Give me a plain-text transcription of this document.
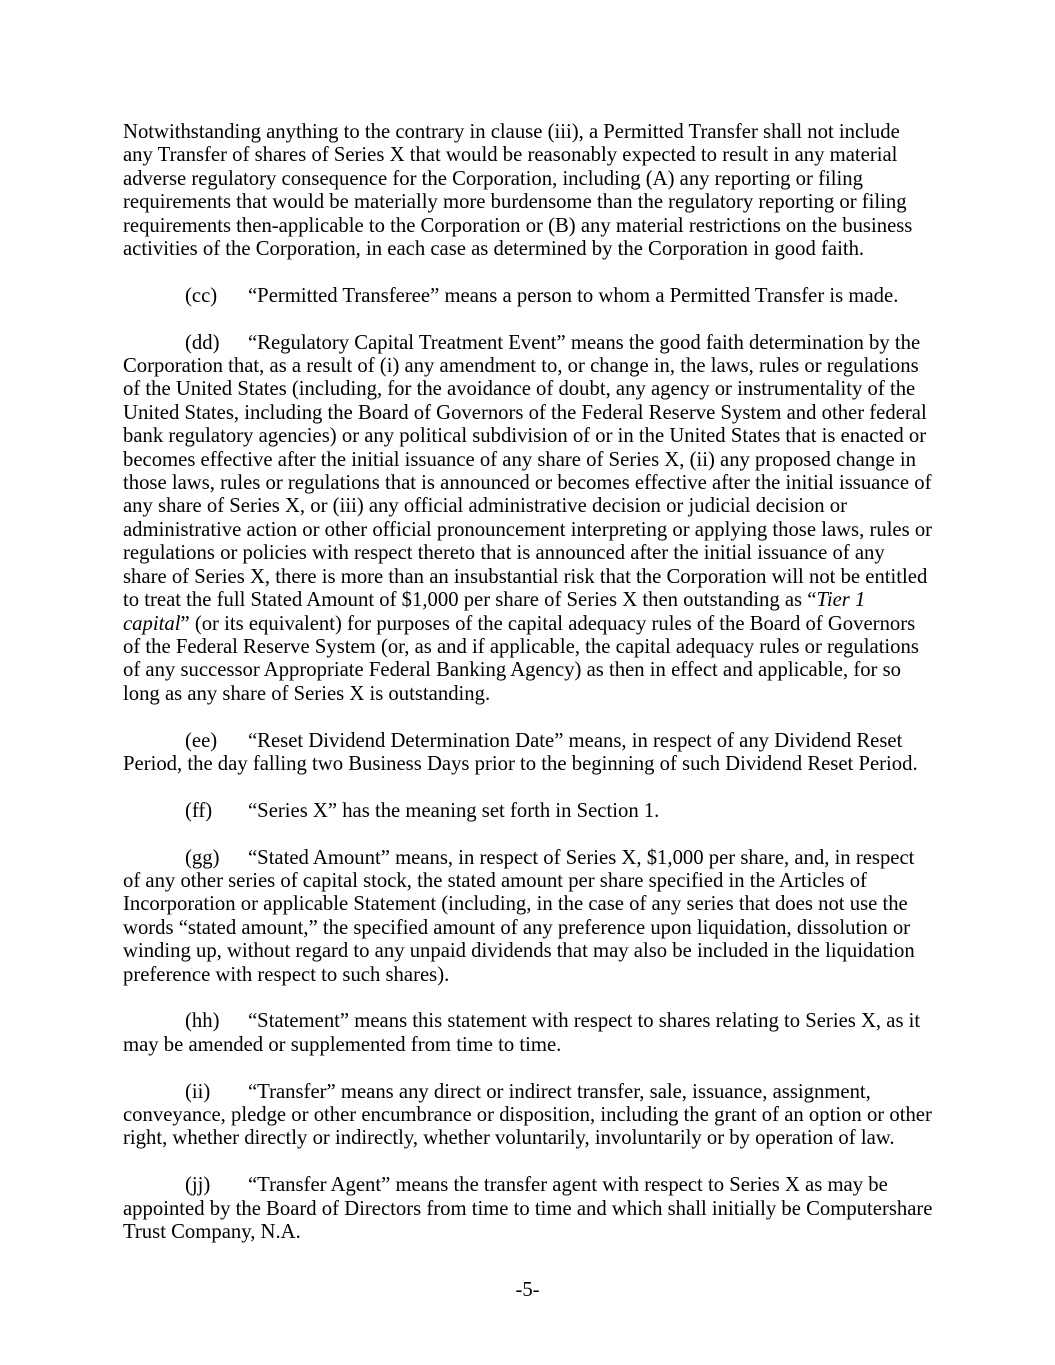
Notwithstanding anything to the contrary in clause (iii), a Permitted Transfer shall not include any Transfer of shares of Series X that would be reasonably expected to result in any material adverse regulatory consequence for the Corporation, including (A) any reporting or filing requirements that would be materially more burdensome than the regulatory reporting or filing requirements then-applicable to the Corporation or (B) any material restrictions on the business activities of the Corporation, in each case as determined by the Corporation in good faith.

(cc) “Permitted Transferee” means a person to whom a Permitted Transfer is made.

(dd) “Regulatory Capital Treatment Event” means the good faith determination by the Corporation that, as a result of (i) any amendment to, or change in, the laws, rules or regulations of the United States (including, for the avoidance of doubt, any agency or instrumentality of the United States, including the Board of Governors of the Federal Reserve System and other federal bank regulatory agencies) or any political subdivision of or in the United States that is enacted or becomes effective after the initial issuance of any share of Series X, (ii) any proposed change in those laws, rules or regulations that is announced or becomes effective after the initial issuance of any share of Series X, or (iii) any official administrative decision or judicial decision or administrative action or other official pronouncement interpreting or applying those laws, rules or regulations or policies with respect thereto that is announced after the initial issuance of any share of Series X, there is more than an insubstantial risk that the Corporation will not be entitled to treat the full Stated Amount of $1,000 per share of Series X then outstanding as “Tier 1 capital” (or its equivalent) for purposes of the capital adequacy rules of the Board of Governors of the Federal Reserve System (or, as and if applicable, the capital adequacy rules or regulations of any successor Appropriate Federal Banking Agency) as then in effect and applicable, for so long as any share of Series X is outstanding.

(ee) “Reset Dividend Determination Date” means, in respect of any Dividend Reset Period, the day falling two Business Days prior to the beginning of such Dividend Reset Period.

(ff) “Series X” has the meaning set forth in Section 1.

(gg) “Stated Amount” means, in respect of Series X, $1,000 per share, and, in respect of any other series of capital stock, the stated amount per share specified in the Articles of Incorporation or applicable Statement (including, in the case of any series that does not use the words “stated amount,” the specified amount of any preference upon liquidation, dissolution or winding up, without regard to any unpaid dividends that may also be included in the liquidation preference with respect to such shares).

(hh) “Statement” means this statement with respect to shares relating to Series X, as it may be amended or supplemented from time to time.

(ii) “Transfer” means any direct or indirect transfer, sale, issuance, assignment, conveyance, pledge or other encumbrance or disposition, including the grant of an option or other right, whether directly or indirectly, whether voluntarily, involuntarily or by operation of law.

(jj) “Transfer Agent” means the transfer agent with respect to Series X as may be appointed by the Board of Directors from time to time and which shall initially be Computershare Trust Company, N.A.

-5-
